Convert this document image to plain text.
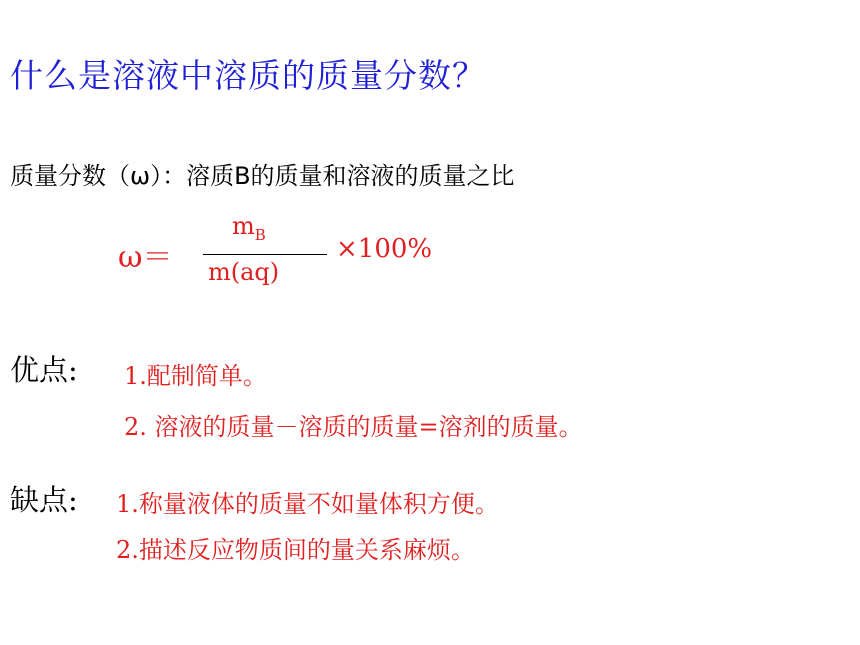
什么是溶液中溶质的质量分数？
质量分数（ω）：溶质B的质量和溶液的质量之比
ω＝
$m_B$
m(aq)
×100%
优点: 1.配制简单。
2. 溶液的质量－溶质的质量=溶剂的质量。
缺点: 1.称量液体的质量不如量体积方便。
2.描述反应物质间的量关系麻烦。
